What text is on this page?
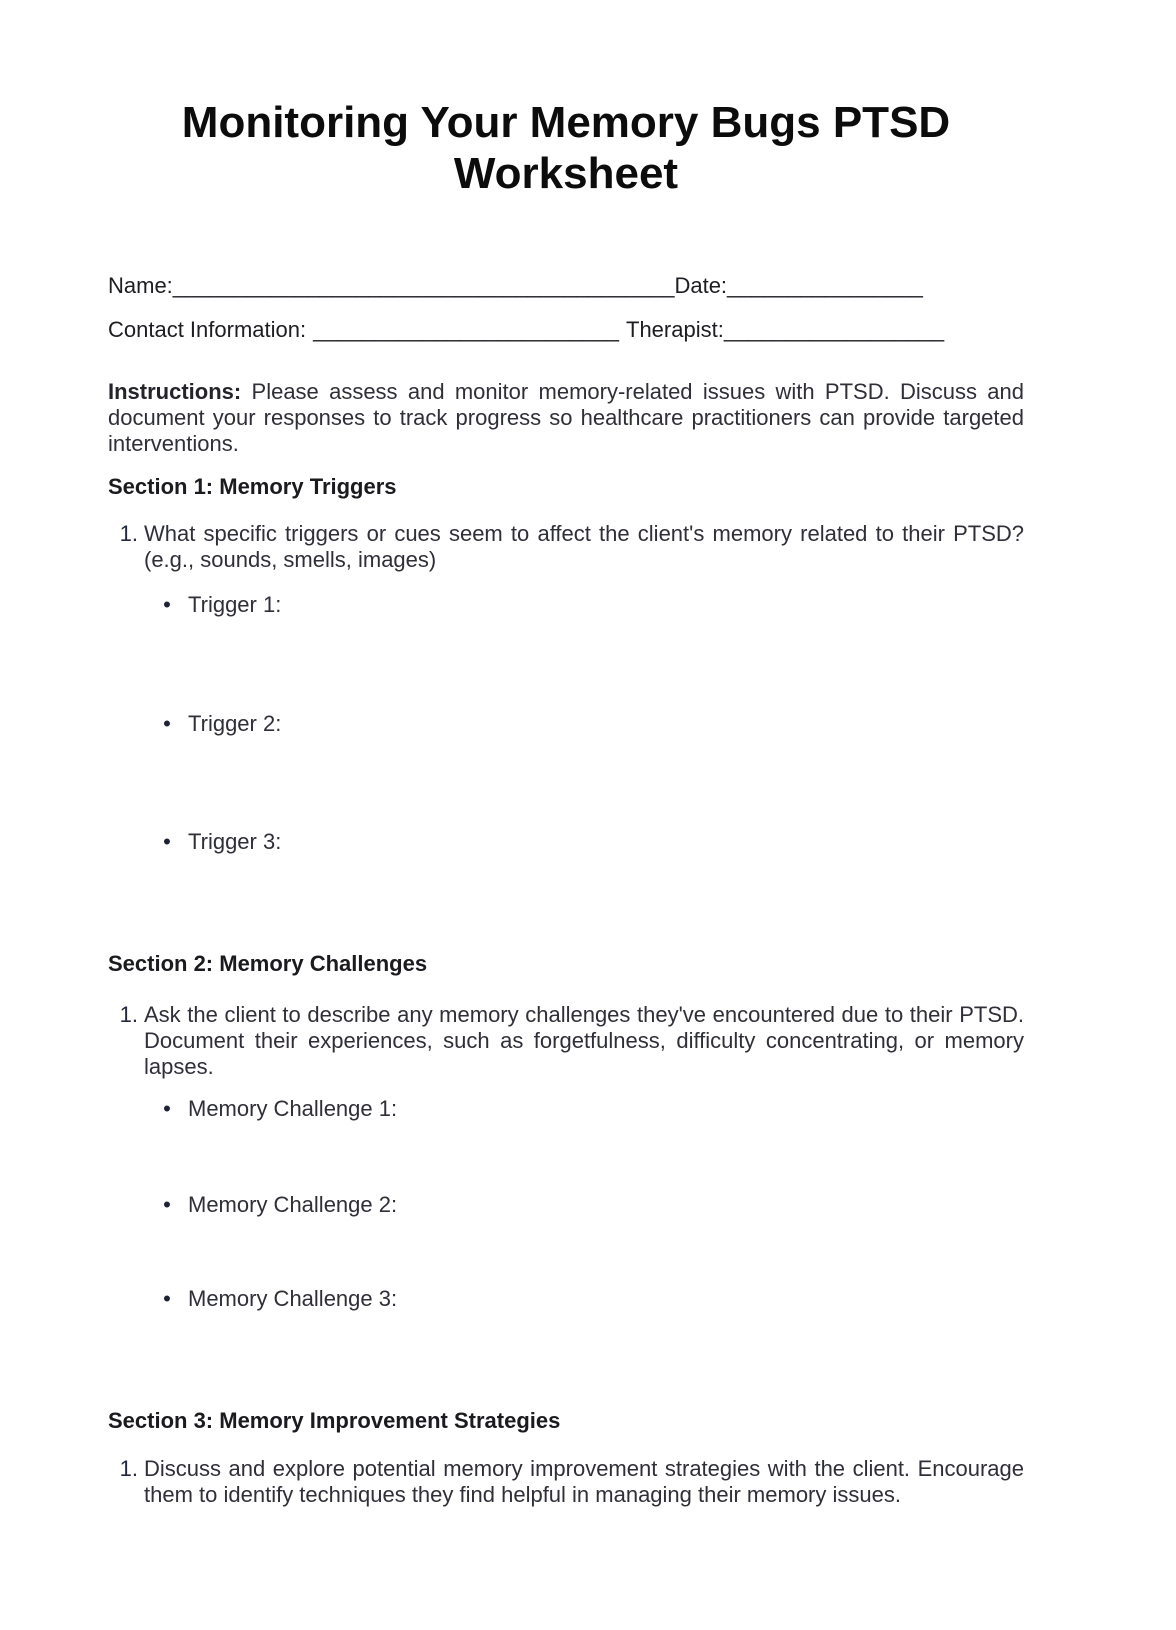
Monitoring Your Memory Bugs PTSD Worksheet
Name:_________________________________________Date:________________
Contact Information: _________________________ Therapist:__________________
Instructions: Please assess and monitor memory-related issues with PTSD. Discuss and document your responses to track progress so healthcare practitioners can provide targeted interventions.
Section 1: Memory Triggers
1. What specific triggers or cues seem to affect the client's memory related to their PTSD? (e.g., sounds, smells, images)
• Trigger 1:
• Trigger 2:
• Trigger 3:
Section 2: Memory Challenges
1. Ask the client to describe any memory challenges they've encountered due to their PTSD. Document their experiences, such as forgetfulness, difficulty concentrating, or memory lapses.
• Memory Challenge 1:
• Memory Challenge 2:
• Memory Challenge 3:
Section 3: Memory Improvement Strategies
1. Discuss and explore potential memory improvement strategies with the client. Encourage them to identify techniques they find helpful in managing their memory issues.
